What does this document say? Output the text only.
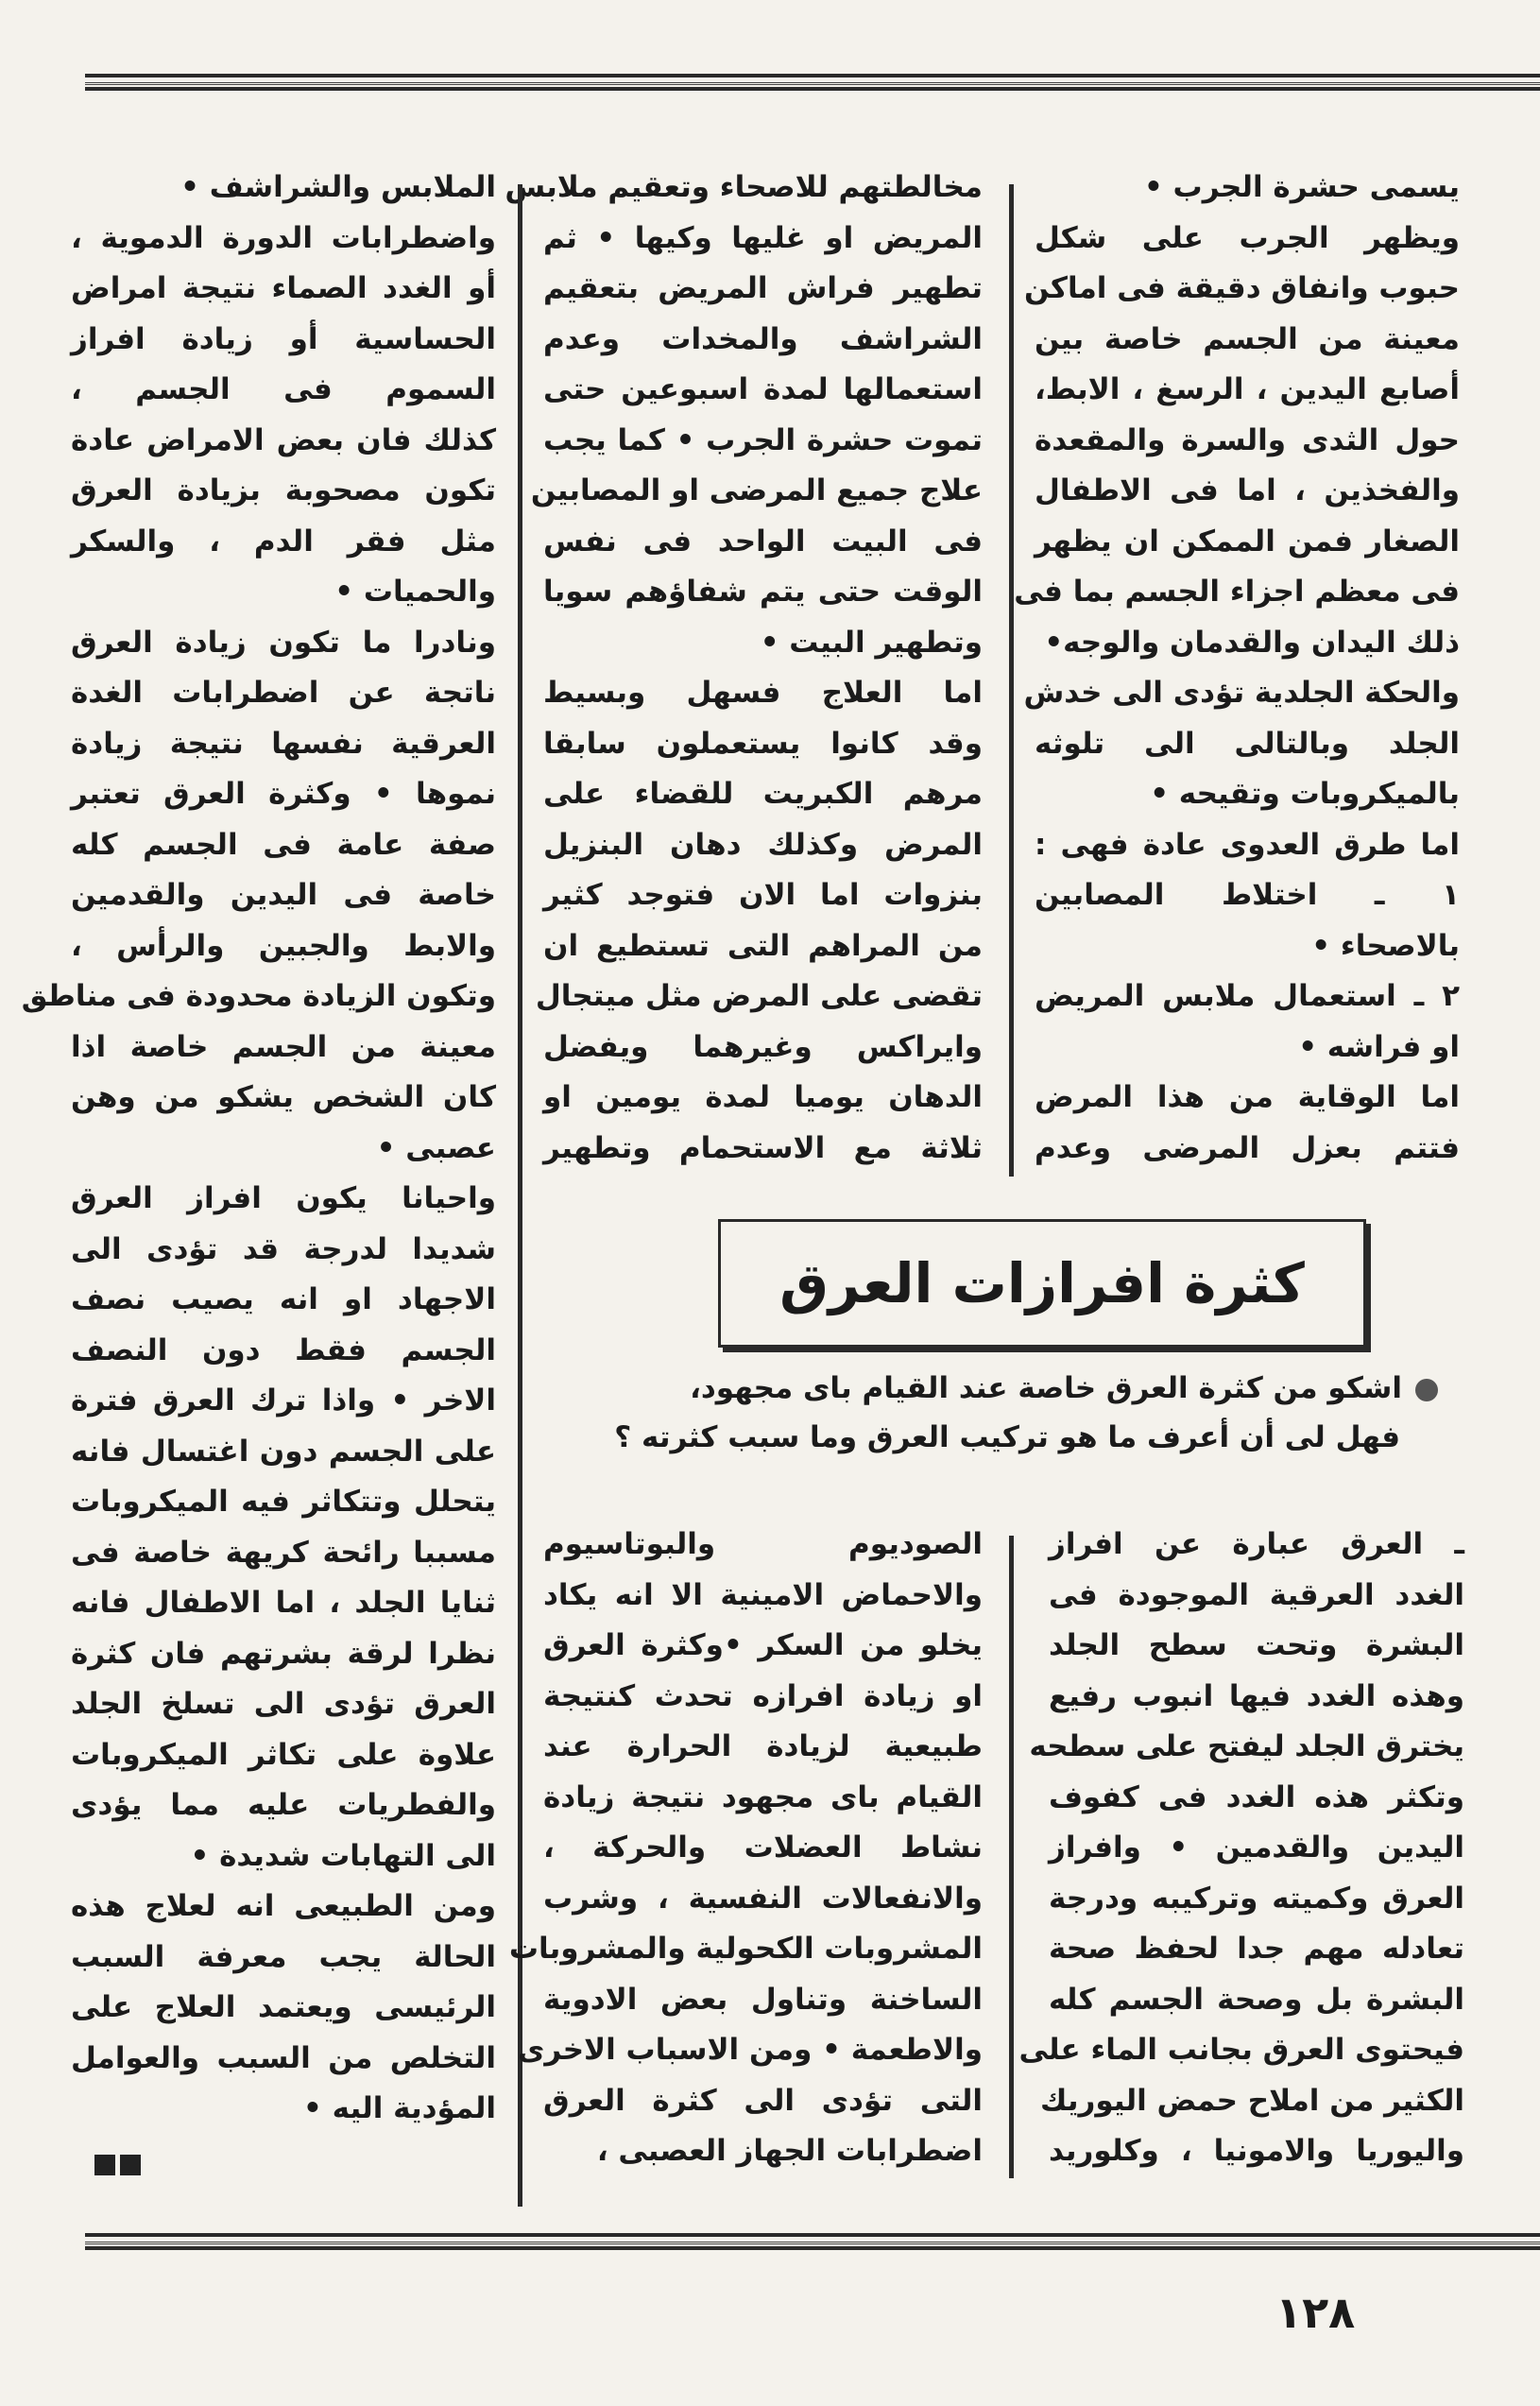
يسمى حشرة الجرب •
ويظهر الجرب على شكل
حبوب وانفاق دقيقة فى اماكن
معينة من الجسم خاصة بين
أصابع اليدين ، الرسغ ، الابط،
حول الثدى والسرة والمقعدة
والفخذين ، اما فى الاطفال
الصغار فمن الممكن ان يظهر
فى معظم اجزاء الجسم بما فى
ذلك اليدان والقدمان والوجه•
والحكة الجلدية تؤدى الى خدش
الجلد وبالتالى الى تلوثه
بالميكروبات وتقيحه •
اما طرق العدوى عادة فهى :
١ ـ اختلاط المصابين
بالاصحاء •
٢ ـ استعمال ملابس المريض
او فراشه •
اما الوقاية من هذا المرض
فتتم بعزل المرضى وعدم
مخالطتهم للاصحاء وتعقيم ملابس
المريض او غليها وكيها • ثم
تطهير فراش المريض بتعقيم
الشراشف والمخدات وعدم
استعمالها لمدة اسبوعين حتى
تموت حشرة الجرب • كما يجب
علاج جميع المرضى او المصابين
فى البيت الواحد فى نفس
الوقت حتى يتم شفاؤهم سويا
وتطهير البيت •
اما العلاج فسهل وبسيط
وقد كانوا يستعملون سابقا
مرهم الكبريت للقضاء على
المرض وكذلك دهان البنزيل
بنزوات اما الان فتوجد كثير
من المراهم التى تستطيع ان
تقضى على المرض مثل ميتجال
وايراكس وغيرهما ويفضل
الدهان يوميا لمدة يومين او
ثلاثة مع الاستحمام وتطهير
الملابس والشراشف •
واضطرابات الدورة الدموية ،
أو الغدد الصماء نتيجة امراض
الحساسية أو زيادة افراز
السموم فى الجسم ،
كذلك فان بعض الامراض عادة
تكون مصحوبة بزيادة العرق
مثل فقر الدم ، والسكر
والحميات •
ونادرا ما تكون زيادة العرق
ناتجة عن اضطرابات الغدة
العرقية نفسها نتيجة زيادة
نموها • وكثرة العرق تعتبر
صفة عامة فى الجسم كله
خاصة فى اليدين والقدمين
والابط والجبين والرأس ،
وتكون الزيادة محدودة فى مناطق
معينة من الجسم خاصة اذا
كان الشخص يشكو من وهن
عصبى •
واحيانا يكون افراز العرق
شديدا لدرجة قد تؤدى الى
الاجهاد او انه يصيب نصف
الجسم فقط دون النصف
الاخر • واذا ترك العرق فترة
على الجسم دون اغتسال فانه
يتحلل وتتكاثر فيه الميكروبات
مسببا رائحة كريهة خاصة فى
ثنايا الجلد ، اما الاطفال فانه
نظرا لرقة بشرتهم فان كثرة
العرق تؤدى الى تسلخ الجلد
علاوة على تكاثر الميكروبات
والفطريات عليه مما يؤدى
الى التهابات شديدة •
ومن الطبيعى انه لعلاج هذه
الحالة يجب معرفة السبب
الرئيسى ويعتمد العلاج على
التخلص من السبب والعوامل
المؤدية اليه •
كثرة افرازات العرق
اشكو من كثرة العرق خاصة عند القيام باى مجهود،
فهل لى أن أعرف ما هو تركيب العرق وما سبب كثرته ؟
ـ العرق عبارة عن افراز
الغدد العرقية الموجودة فى
البشرة وتحت سطح الجلد
وهذه الغدد فيها انبوب رفيع
يخترق الجلد ليفتح على سطحه
وتكثر هذه الغدد فى كفوف
اليدين والقدمين • وافراز
العرق وكميته وتركيبه ودرجة
تعادله مهم جدا لحفظ صحة
البشرة بل وصحة الجسم كله
فيحتوى العرق بجانب الماء على
الكثير من املاح حمض اليوريك
واليوريا والامونيا ، وكلوريد
الصوديوم والبوتاسيوم
والاحماض الامينية الا انه يكاد
يخلو من السكر •وكثرة العرق
او زيادة افرازه تحدث كنتيجة
طبيعية لزيادة الحرارة عند
القيام باى مجهود نتيجة زيادة
نشاط العضلات والحركة ،
والانفعالات النفسية ، وشرب
المشروبات الكحولية والمشروبات
الساخنة وتناول بعض الادوية
والاطعمة • ومن الاسباب الاخرى
التى تؤدى الى كثرة العرق
اضطرابات الجهاز العصبى ،
١٢٨
